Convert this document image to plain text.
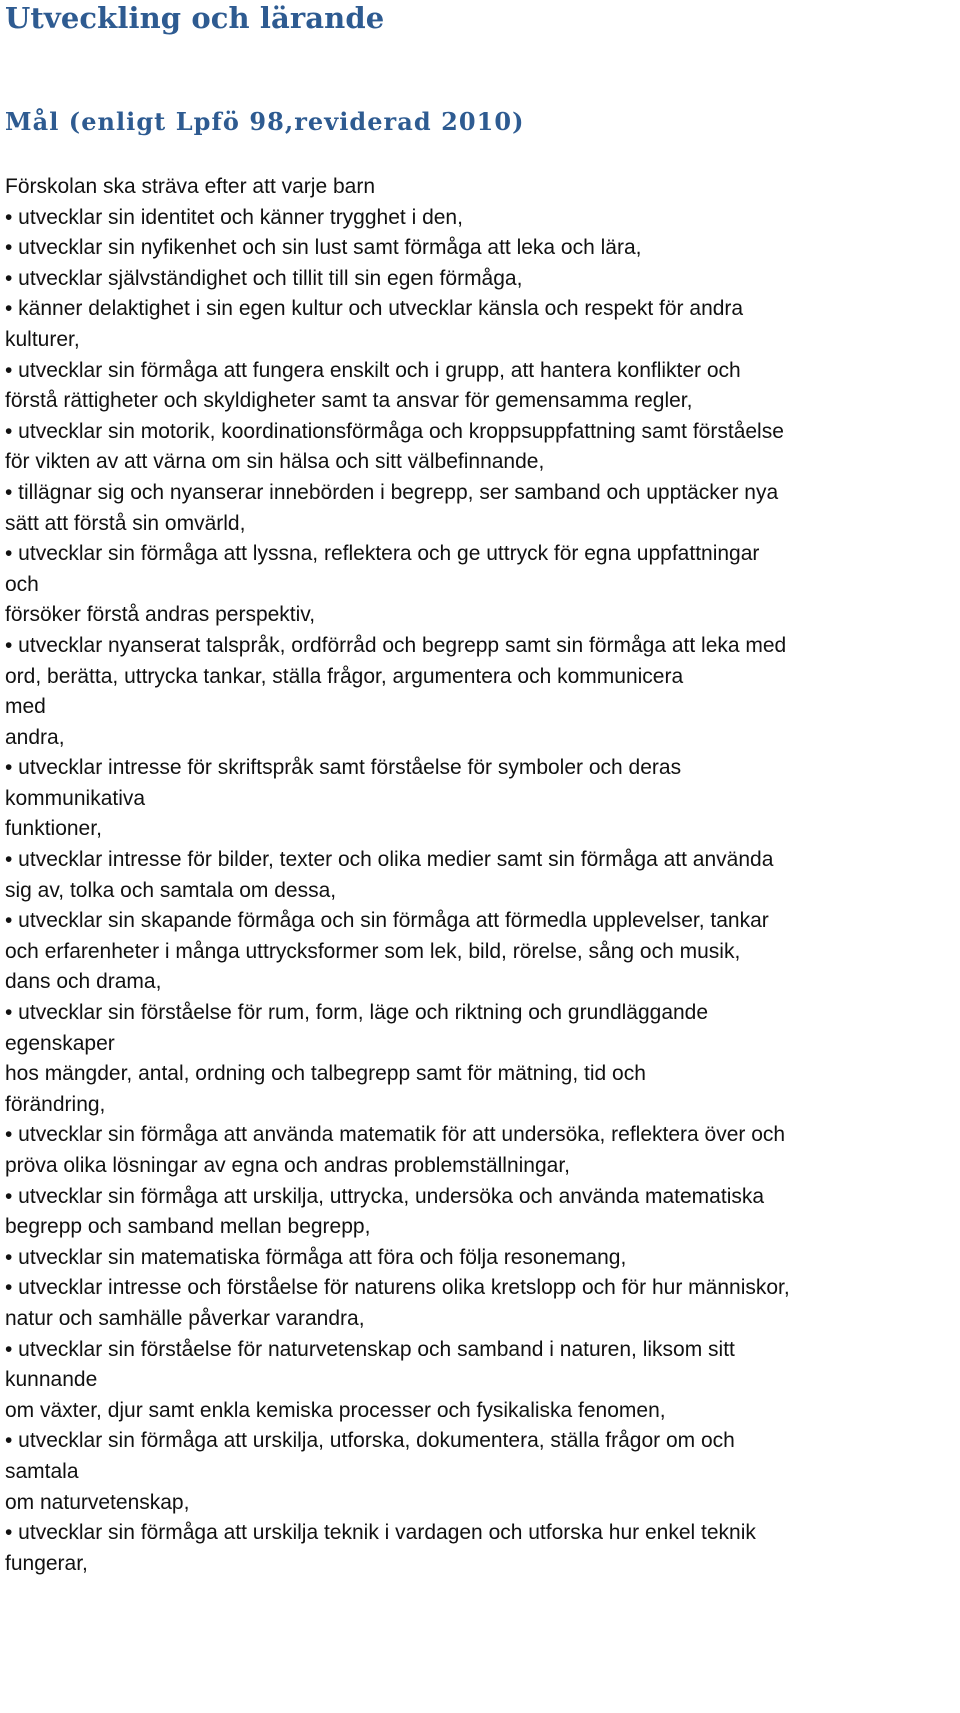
Utveckling och lärande
Mål (enligt Lpfö 98,reviderad 2010)
Förskolan ska sträva efter att varje barn
• utvecklar sin identitet och känner trygghet i den,
• utvecklar sin nyfikenhet och sin lust samt förmåga att leka och lära,
• utvecklar självständighet och tillit till sin egen förmåga,
• känner delaktighet i sin egen kultur och utvecklar känsla och respekt för andra
kulturer,
• utvecklar sin förmåga att fungera enskilt och i grupp, att hantera konflikter och
förstå rättigheter och skyldigheter samt ta ansvar för gemensamma regler,
• utvecklar sin motorik, koordinationsförmåga och kroppsuppfattning samt förståelse
för vikten av att värna om sin hälsa och sitt välbefinnande,
• tillägnar sig och nyanserar innebörden i begrepp, ser samband och upptäcker nya
sätt att förstå sin omvärld,
• utvecklar sin förmåga att lyssna, reflektera och ge uttryck för egna uppfattningar
och
försöker förstå andras perspektiv,
• utvecklar nyanserat talspråk, ordförråd och begrepp samt sin förmåga att leka med
ord, berätta, uttrycka tankar, ställa frågor, argumentera och kommunicera
med
andra,
• utvecklar intresse för skriftspråk samt förståelse för symboler och deras
kommunikativa
funktioner,
• utvecklar intresse för bilder, texter och olika medier samt sin förmåga att använda
sig av, tolka och samtala om dessa,
• utvecklar sin skapande förmåga och sin förmåga att förmedla upplevelser, tankar
och erfarenheter i många uttrycksformer som lek, bild, rörelse, sång och musik,
dans och drama,
• utvecklar sin förståelse för rum, form, läge och riktning och grundläggande
egenskaper
hos mängder, antal, ordning och talbegrepp samt för mätning, tid och
förändring,
• utvecklar sin förmåga att använda matematik för att undersöka, reflektera över och
pröva olika lösningar av egna och andras problemställningar,
• utvecklar sin förmåga att urskilja, uttrycka, undersöka och använda matematiska
begrepp och samband mellan begrepp,
• utvecklar sin matematiska förmåga att föra och följa resonemang,
• utvecklar intresse och förståelse för naturens olika kretslopp och för hur människor,
natur och samhälle påverkar varandra,
• utvecklar sin förståelse för naturvetenskap och samband i naturen, liksom sitt
kunnande
om växter, djur samt enkla kemiska processer och fysikaliska fenomen,
• utvecklar sin förmåga att urskilja, utforska, dokumentera, ställa frågor om och
samtala
om naturvetenskap,
• utvecklar sin förmåga att urskilja teknik i vardagen och utforska hur enkel teknik
fungerar,
